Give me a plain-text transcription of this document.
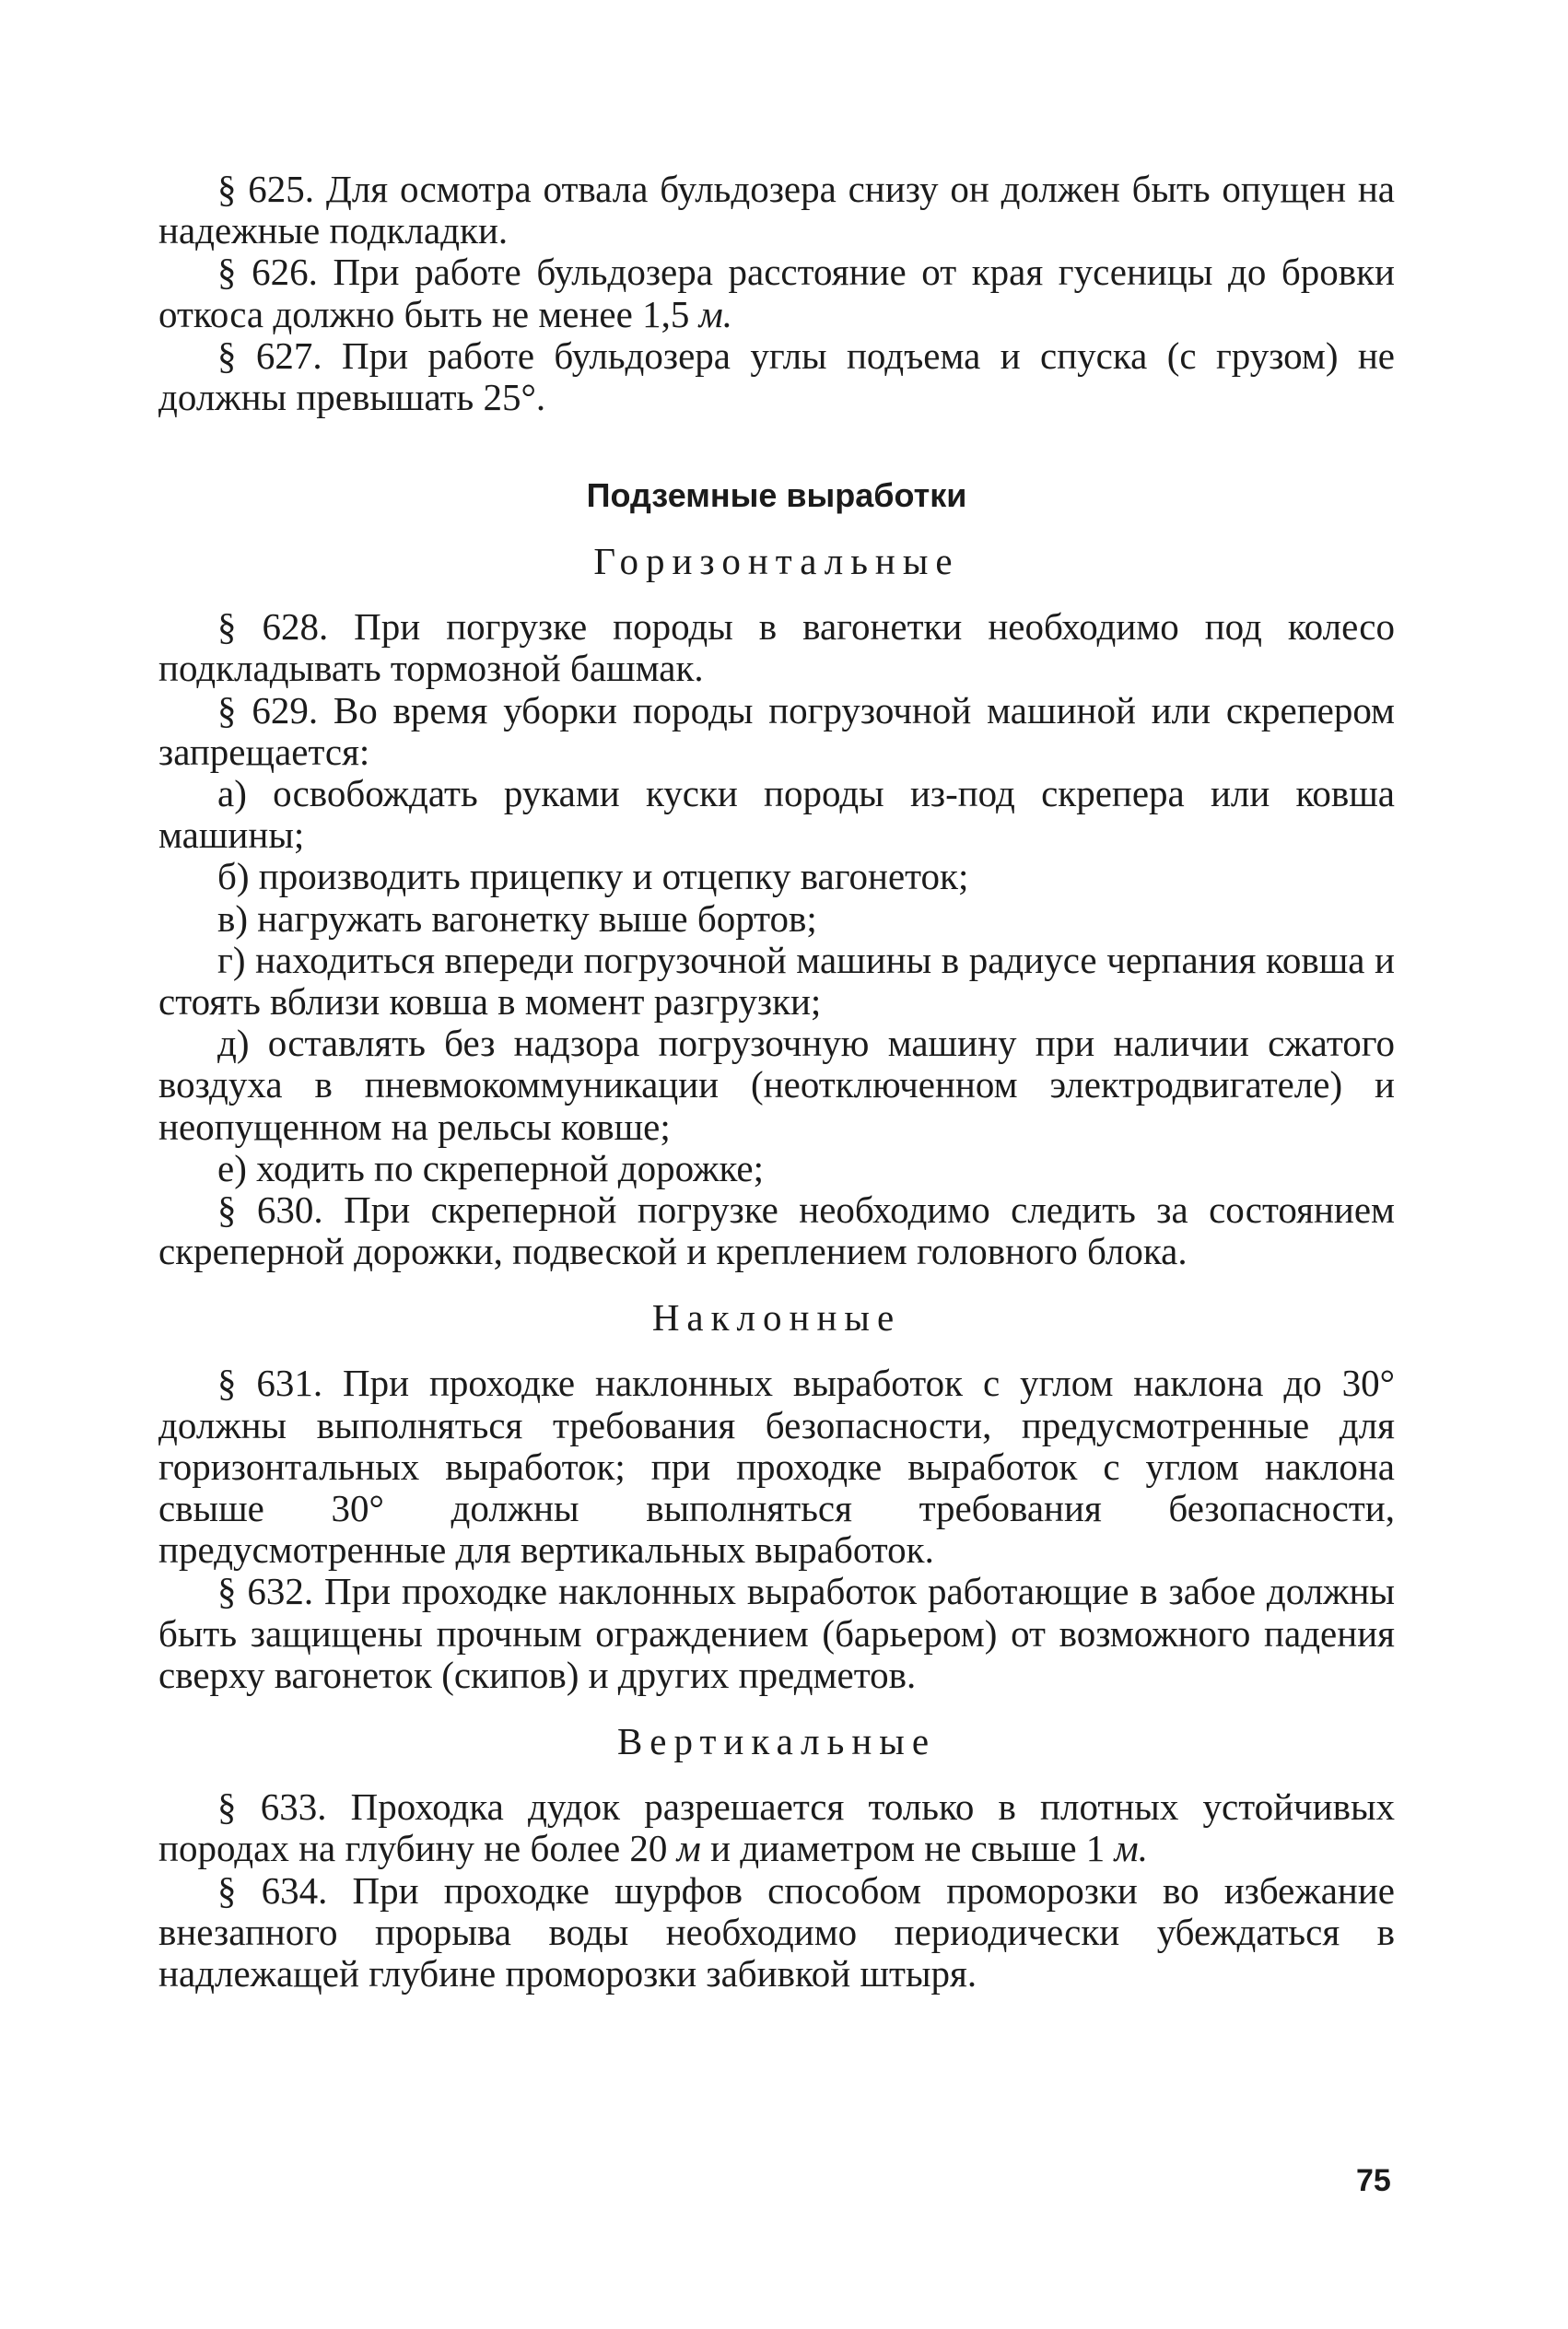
§ 625. Для осмотра отвала бульдозера снизу он должен быть опущен на надежные подкладки.

§ 626. При работе бульдозера расстояние от края гусеницы до бровки откоса должно быть не менее 1,5 м.

§ 627. При работе бульдозера углы подъема и спуска (с грузом) не должны превышать 25°.

Подземные выработки
Горизонтальные

§ 628. При погрузке породы в вагонетки необходимо под колесо подкладывать тормозной башмак.

§ 629. Во время уборки породы погрузочной машиной или скрепером запрещается:

а) освобождать руками куски породы из-под скрепера или ковша машины;

б) производить прицепку и отцепку вагонеток;

в) нагружать вагонетку выше бортов;

г) находиться впереди погрузочной машины в радиусе черпания ковша и стоять вблизи ковша в момент разгрузки;

д) оставлять без надзора погрузочную машину при наличии сжатого воздуха в пневмокоммуникации (неотключенном электродвигателе) и неопущенном на рельсы ковше;

е) ходить по скреперной дорожке;

§ 630. При скреперной погрузке необходимо следить за состоянием скреперной дорожки, подвеской и креплением головного блока.

Наклонные

§ 631. При проходке наклонных выработок с углом наклона до 30° должны выполняться требования безопасности, предусмотренные для горизонтальных выработок; при проходке выработок с углом наклона свыше 30° должны выполняться требования безопасности, предусмотренные для вертикальных выработок.

§ 632. При проходке наклонных выработок работающие в забое должны быть защищены прочным ограждением (барьером) от возможного падения сверху вагонеток (скипов) и других предметов.

Вертикальные

§ 633. Проходка дудок разрешается только в плотных устойчивых породах на глубину не более 20 м и диаметром не свыше 1 м.

§ 634. При проходке шурфов способом проморозки во избежание внезапного прорыва воды необходимо периодически убеждаться в надлежащей глубине проморозки забивкой штыря.

75
